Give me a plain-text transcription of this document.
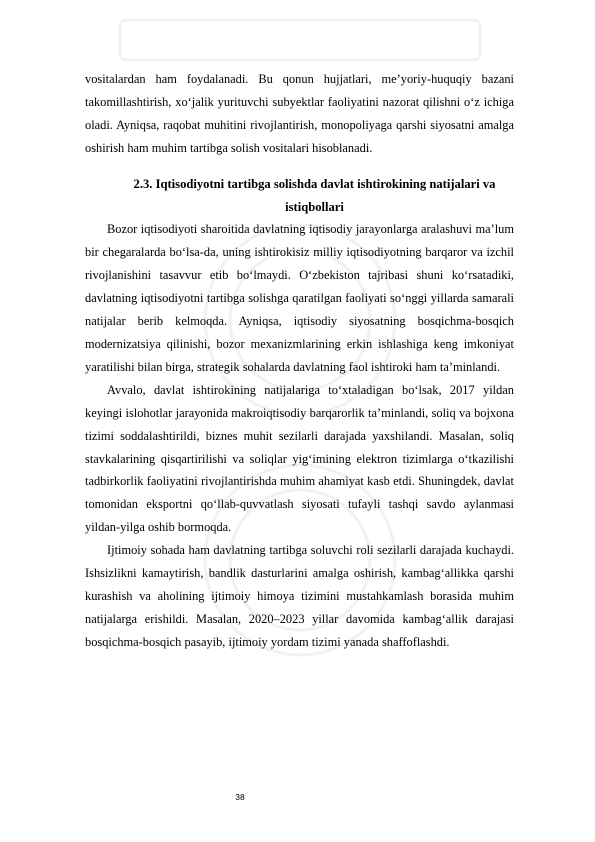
vositalardan ham foydalanadi. Bu qonun hujjatlari, me’yoriy-huquqiy bazani takomillashtirish, xo‘jalik yurituvchi subyektlar faoliyatini nazorat qilishni o‘z ichiga oladi. Ayniqsa, raqobat muhitini rivojlantirish, monopoliyaga qarshi siyosatni amalga oshirish ham muhim tartibga solish vositalari hisoblanadi.

2.3. Iqtisodiyotni tartibga solishda davlat ishtirokining natijalari va istiqbollari

Bozor iqtisodiyoti sharoitida davlatning iqtisodiy jarayonlarga aralashuvi ma’lum bir chegaralarda bo‘lsa-da, uning ishtirokisiz milliy iqtisodiyotning barqaror va izchil rivojlanishini tasavvur etib bo‘lmaydi. O‘zbekiston tajribasi shuni ko‘rsatadiki, davlatning iqtisodiyotni tartibga solishga qaratilgan faoliyati so‘nggi yillarda samarali natijalar berib kelmoqda. Ayniqsa, iqtisodiy siyosatning bosqichma-bosqich modernizatsiya qilinishi, bozor mexanizmlarining erkin ishlashiga keng imkoniyat yaratilishi bilan birga, strategik sohalarda davlatning faol ishtiroki ham ta’minlandi.

Avvalo, davlat ishtirokining natijalariga to‘xtaladigan bo‘lsak, 2017 yildan keyingi islohotlar jarayonida makroiqtisodiy barqarorlik ta’minlandi, soliq va bojxona tizimi soddalashtirildi, biznes muhit sezilarli darajada yaxshilandi. Masalan, soliq stavkalarining qisqartirilishi va soliqlar yig‘imining elektron tizimlarga o‘tkazilishi tadbirkorlik faoliyatini rivojlantirishda muhim ahamiyat kasb etdi. Shuningdek, davlat tomonidan eksportni qo‘llab-quvvatlash siyosati tufayli tashqi savdo aylanmasi yildan-yilga oshib bormoqda.

Ijtimoiy sohada ham davlatning tartibga soluvchi roli sezilarli darajada kuchaydi. Ishsizlikni kamaytirish, bandlik dasturlarini amalga oshirish, kambag‘allikka qarshi kurashish va aholining ijtimoiy himoya tizimini mustahkamlash borasida muhim natijalarga erishildi. Masalan, 2020–2023 yillar davomida kambag‘allik darajasi bosqichma-bosqich pasayib, ijtimoiy yordam tizimi yanada shaffoflashdi.

38
